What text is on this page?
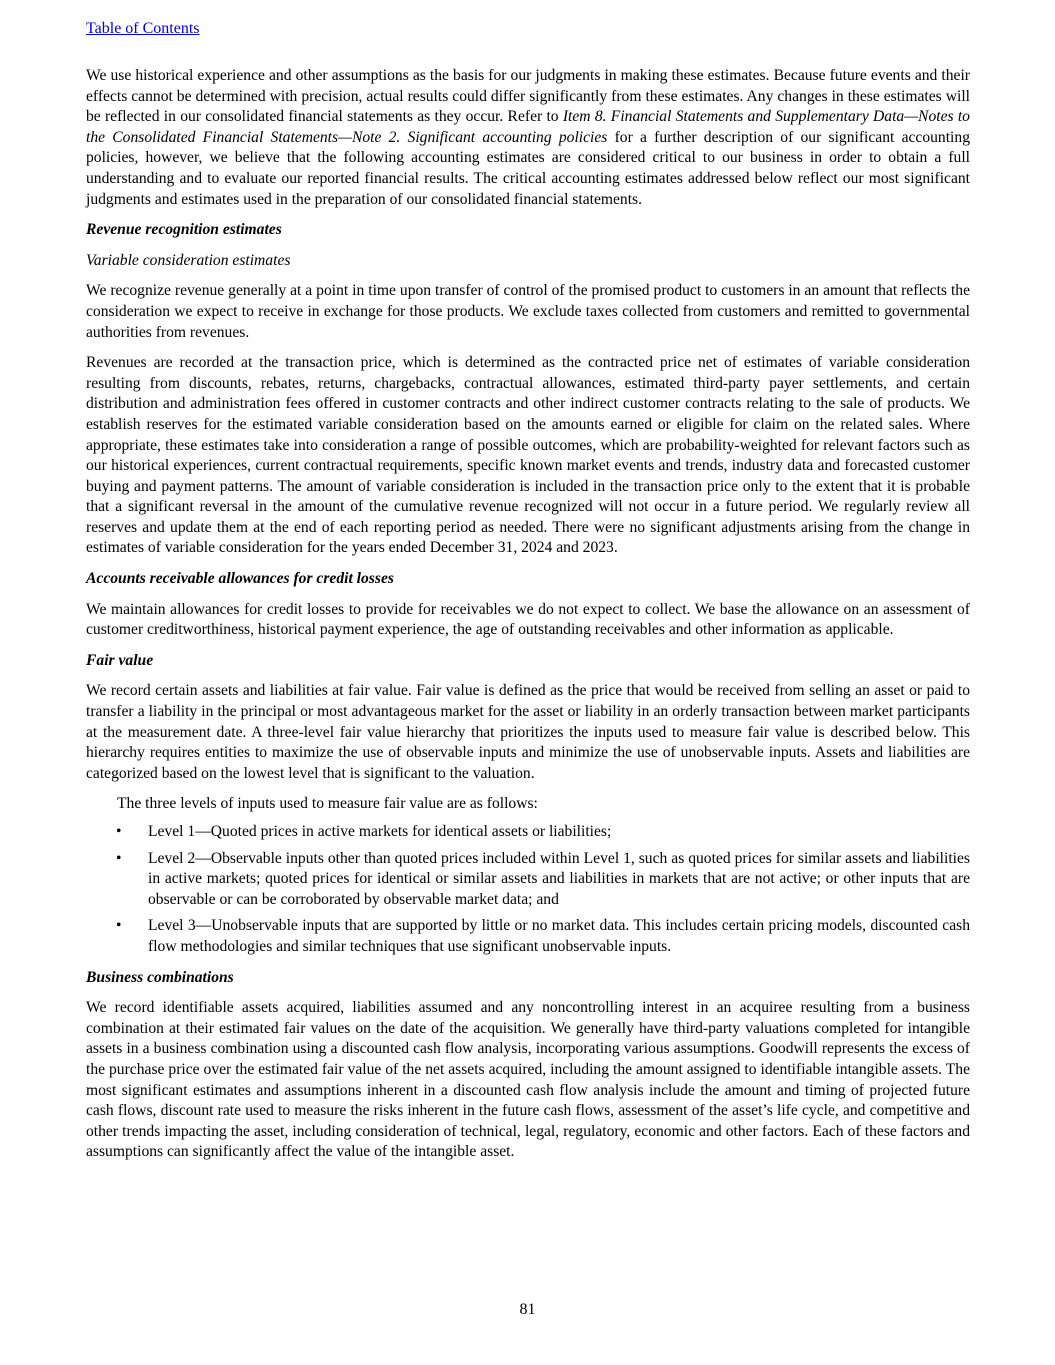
Table of Contents

We use historical experience and other assumptions as the basis for our judgments in making these estimates. Because future events and their effects cannot be determined with precision, actual results could differ significantly from these estimates. Any changes in these estimates will be reflected in our consolidated financial statements as they occur. Refer to Item 8. Financial Statements and Supplementary Data—Notes to the Consolidated Financial Statements—Note 2. Significant accounting policies for a further description of our significant accounting policies, however, we believe that the following accounting estimates are considered critical to our business in order to obtain a full understanding and to evaluate our reported financial results. The critical accounting estimates addressed below reflect our most significant judgments and estimates used in the preparation of our consolidated financial statements.

Revenue recognition estimates
Variable consideration estimates

We recognize revenue generally at a point in time upon transfer of control of the promised product to customers in an amount that reflects the consideration we expect to receive in exchange for those products. We exclude taxes collected from customers and remitted to governmental authorities from revenues.

Revenues are recorded at the transaction price, which is determined as the contracted price net of estimates of variable consideration resulting from discounts, rebates, returns, chargebacks, contractual allowances, estimated third-party payer settlements, and certain distribution and administration fees offered in customer contracts and other indirect customer contracts relating to the sale of products. We establish reserves for the estimated variable consideration based on the amounts earned or eligible for claim on the related sales. Where appropriate, these estimates take into consideration a range of possible outcomes, which are probability-weighted for relevant factors such as our historical experiences, current contractual requirements, specific known market events and trends, industry data and forecasted customer buying and payment patterns. The amount of variable consideration is included in the transaction price only to the extent that it is probable that a significant reversal in the amount of the cumulative revenue recognized will not occur in a future period. We regularly review all reserves and update them at the end of each reporting period as needed. There were no significant adjustments arising from the change in estimates of variable consideration for the years ended December 31, 2024 and 2023.

Accounts receivable allowances for credit losses

We maintain allowances for credit losses to provide for receivables we do not expect to collect. We base the allowance on an assessment of customer creditworthiness, historical payment experience, the age of outstanding receivables and other information as applicable.

Fair value

We record certain assets and liabilities at fair value. Fair value is defined as the price that would be received from selling an asset or paid to transfer a liability in the principal or most advantageous market for the asset or liability in an orderly transaction between market participants at the measurement date. A three-level fair value hierarchy that prioritizes the inputs used to measure fair value is described below. This hierarchy requires entities to maximize the use of observable inputs and minimize the use of unobservable inputs. Assets and liabilities are categorized based on the lowest level that is significant to the valuation.

The three levels of inputs used to measure fair value are as follows:
• Level 1—Quoted prices in active markets for identical assets or liabilities;
• Level 2—Observable inputs other than quoted prices included within Level 1, such as quoted prices for similar assets and liabilities in active markets; quoted prices for identical or similar assets and liabilities in markets that are not active; or other inputs that are observable or can be corroborated by observable market data; and
• Level 3—Unobservable inputs that are supported by little or no market data. This includes certain pricing models, discounted cash flow methodologies and similar techniques that use significant unobservable inputs.
Business combinations

We record identifiable assets acquired, liabilities assumed and any noncontrolling interest in an acquiree resulting from a business combination at their estimated fair values on the date of the acquisition. We generally have third-party valuations completed for intangible assets in a business combination using a discounted cash flow analysis, incorporating various assumptions. Goodwill represents the excess of the purchase price over the estimated fair value of the net assets acquired, including the amount assigned to identifiable intangible assets. The most significant estimates and assumptions inherent in a discounted cash flow analysis include the amount and timing of projected future cash flows, discount rate used to measure the risks inherent in the future cash flows, assessment of the asset’s life cycle, and competitive and other trends impacting the asset, including consideration of technical, legal, regulatory, economic and other factors. Each of these factors and assumptions can significantly affect the value of the intangible asset.

81
